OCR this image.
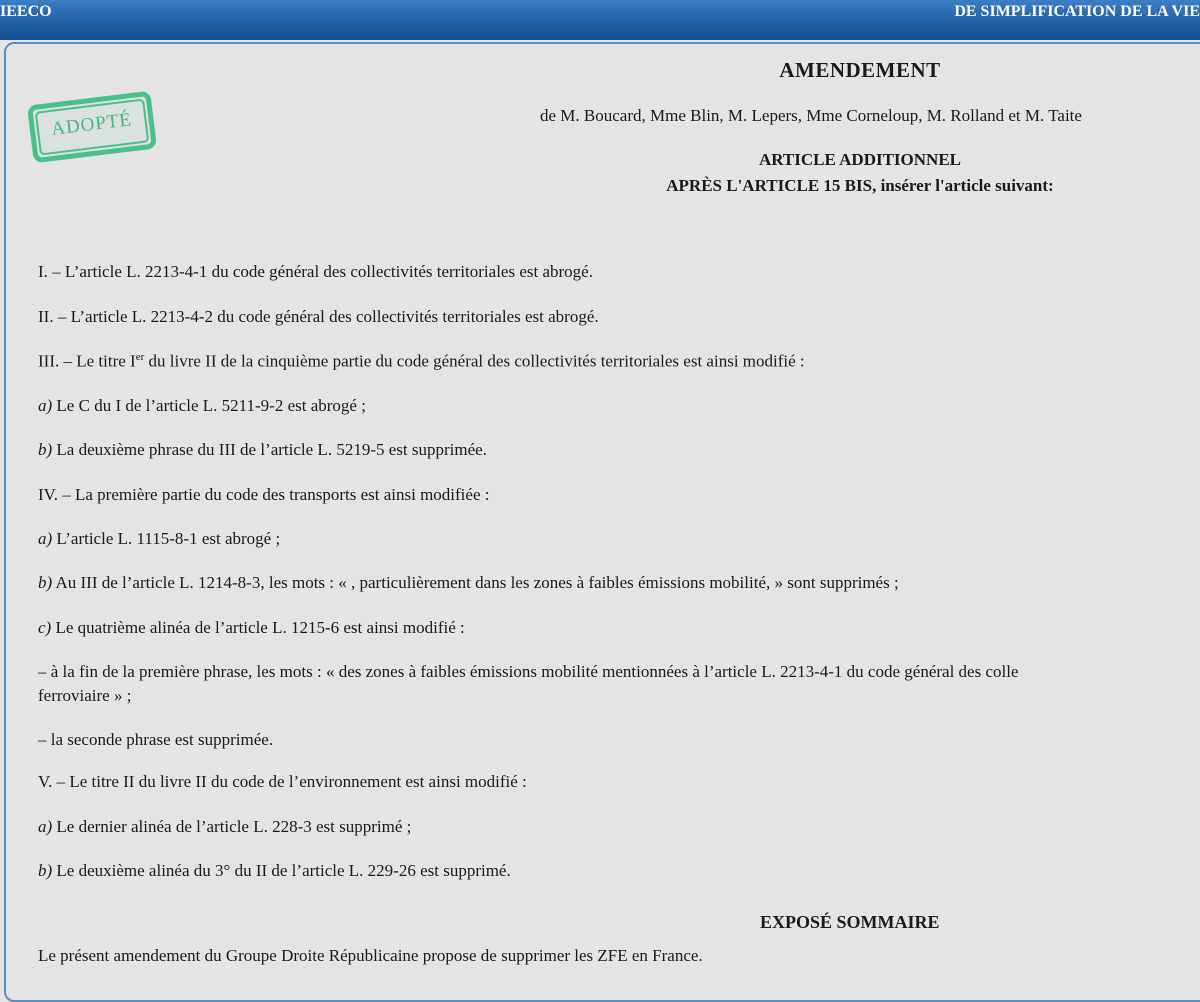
IEECO	DE SIMPLIFICATION DE LA VIE
ADOPTÉ
AMENDEMENT
de M. Boucard, Mme Blin, M. Lepers, Mme Corneloup, M. Rolland et M. Taite
ARTICLE ADDITIONNEL
APRÈS L'ARTICLE 15 BIS, insérer l'article suivant:
I. – L’article L. 2213-4-1 du code général des collectivités territoriales est abrogé.
II. – L’article L. 2213-4-2 du code général des collectivités territoriales est abrogé.
III. – Le titre Ier du livre II de la cinquième partie du code général des collectivités territoriales est ainsi modifié :
a) Le C du I de l’article L. 5211-9-2 est abrogé ;
b) La deuxième phrase du III de l’article L. 5219-5 est supprimée.
IV. – La première partie du code des transports est ainsi modifiée :
a) L’article L. 1115-8-1 est abrogé ;
b) Au III de l’article L. 1214-8-3, les mots : « , particulièrement dans les zones à faibles émissions mobilité, » sont supprimés ;
c) Le quatrième alinéa de l’article L. 1215-6 est ainsi modifié :
– à la fin de la première phrase, les mots : « des zones à faibles émissions mobilité mentionnées à l’article L. 2213-4-1 du code général des colle
ferroviaire » ;
– la seconde phrase est supprimée.
V. – Le titre II du livre II du code de l’environnement est ainsi modifié :
a) Le dernier alinéa de l’article L. 228-3 est supprimé ;
b) Le deuxième alinéa du 3° du II de l’article L. 229-26 est supprimé.
EXPOSÉ SOMMAIRE
Le présent amendement du Groupe Droite Républicaine propose de supprimer les ZFE en France.
